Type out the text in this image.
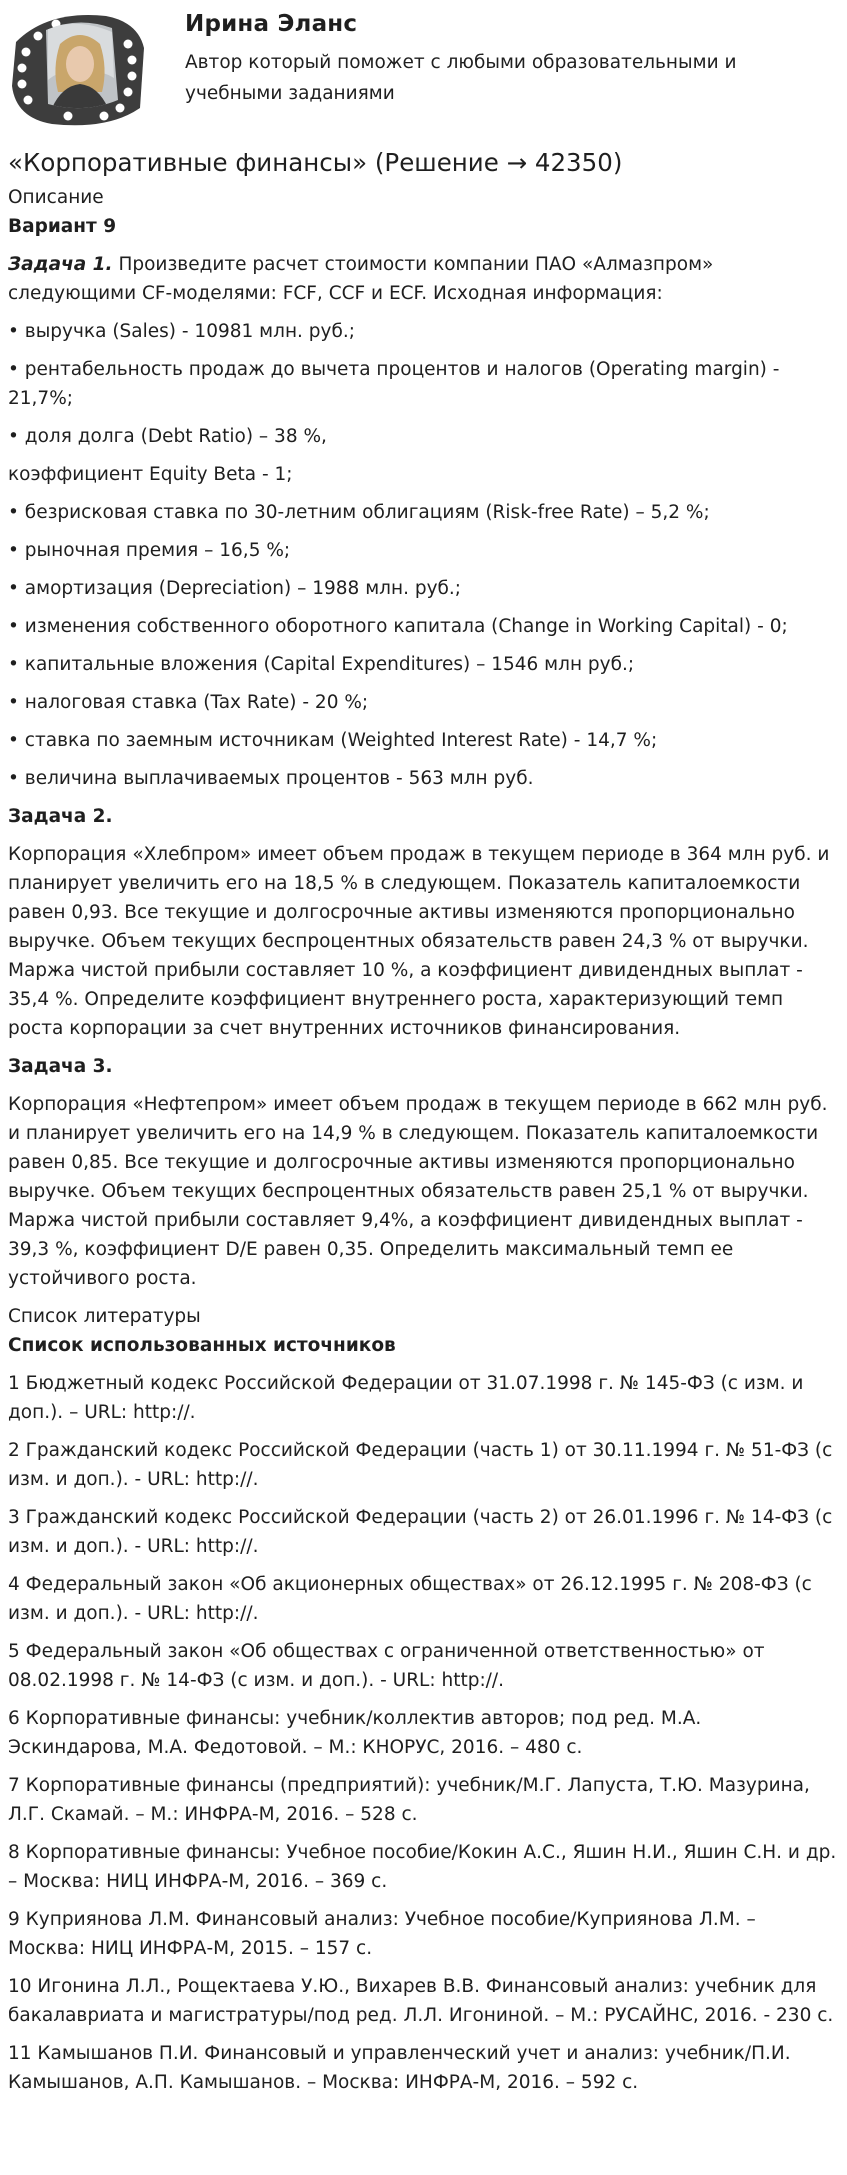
Ирина Эланс
Автор который поможет с любыми образовательными и учебными заданиями
«Корпоративные финансы» (Решение → 42350)
Описание
Вариант 9

Задача 1. Произведите расчет стоимости компании ПАО «Алмазпром» следующими CF-моделями: FCF, CCF и ECF. Исходная информация:

• выручка (Sales) - 10981 млн. руб.;

• рентабельность продаж до вычета процентов и налогов (Operating margin) - 21,7%;

• доля долга (Debt Ratio) – 38 %,

коэффициент Equity Beta - 1;

• безрисковая ставка по 30-летним облигациям (Risk-free Rate) – 5,2 %;

• рыночная премия – 16,5 %;

• амортизация (Depreciation) – 1988 млн. руб.;

• изменения собственного оборотного капитала (Change in Working Capital) - 0;

• капитальные вложения (Capital Expenditures) – 1546 млн руб.;

• налоговая ставка (Tax Rate) - 20 %;

• ставка по заемным источникам (Weighted Interest Rate) - 14,7 %;

• величина выплачиваемых процентов - 563 млн руб.

Задача 2.

Корпорация «Хлебпром» имеет объем продаж в текущем периоде в 364 млн руб. и планирует увеличить его на 18,5 % в следующем. Показатель капиталоемкости равен 0,93. Все текущие и долгосрочные активы изменяются пропорционально выручке. Объем текущих беспроцентных обязательств равен 24,3 % от выручки. Маржа чистой прибыли составляет 10 %, а коэффициент дивидендных выплат - 35,4 %. Определите коэффициент внутреннего роста, характеризующий темп роста корпорации за счет внутренних источников финансирования.

Задача 3.

Корпорация «Нефтепром» имеет объем продаж в текущем периоде в 662 млн руб. и планирует увеличить его на 14,9 % в следующем. Показатель капиталоемкости равен 0,85. Все текущие и долгосрочные активы изменяются пропорционально выручке. Объем текущих беспроцентных обязательств равен 25,1 % от выручки. Маржа чистой прибыли составляет 9,4%, а коэффициент дивидендных выплат - 39,3 %, коэффициент D/E равен 0,35. Определить максимальный темп ее устойчивого роста.

Список литературы
Список использованных источников

1 Бюджетный кодекс Российской Федерации от 31.07.1998 г. № 145-ФЗ (с изм. и доп.). – URL: http://.

2 Гражданский кодекс Российской Федерации (часть 1) от 30.11.1994 г. № 51-ФЗ (с изм. и доп.). - URL: http://.

3 Гражданский кодекс Российской Федерации (часть 2) от 26.01.1996 г. № 14-ФЗ (с изм. и доп.). - URL: http://.

4 Федеральный закон «Об акционерных обществах» от 26.12.1995 г. № 208-ФЗ (с изм. и доп.). - URL: http://.

5 Федеральный закон «Об обществах с ограниченной ответственностью» от 08.02.1998 г. № 14-ФЗ (с изм. и доп.). - URL: http://.

6 Корпоративные финансы: учебник/коллектив авторов; под ред. М.А. Эскиндарова, М.А. Федотовой. – М.: КНОРУС, 2016. – 480 с.

7 Корпоративные финансы (предприятий): учебник/М.Г. Лапуста, Т.Ю. Мазурина, Л.Г. Скамай. – М.: ИНФРА-М, 2016. – 528 с.

8 Корпоративные финансы: Учебное пособие/Кокин А.С., Яшин Н.И., Яшин С.Н. и др. – Москва: НИЦ ИНФРА-М, 2016. – 369 с.

9 Куприянова Л.М. Финансовый анализ: Учебное пособие/Куприянова Л.М. – Москва: НИЦ ИНФРА-М, 2015. – 157 с.

10 Игонина Л.Л., Рощектаева У.Ю., Вихарев В.В. Финансовый анализ: учебник для бакалавриата и магистратуры/под ред. Л.Л. Игониной. – М.: РУСАЙНС, 2016. - 230 с.

11 Камышанов П.И. Финансовый и управленческий учет и анализ: учебник/П.И. Камышанов, А.П. Камышанов. – Москва: ИНФРА-М, 2016. – 592 с.
